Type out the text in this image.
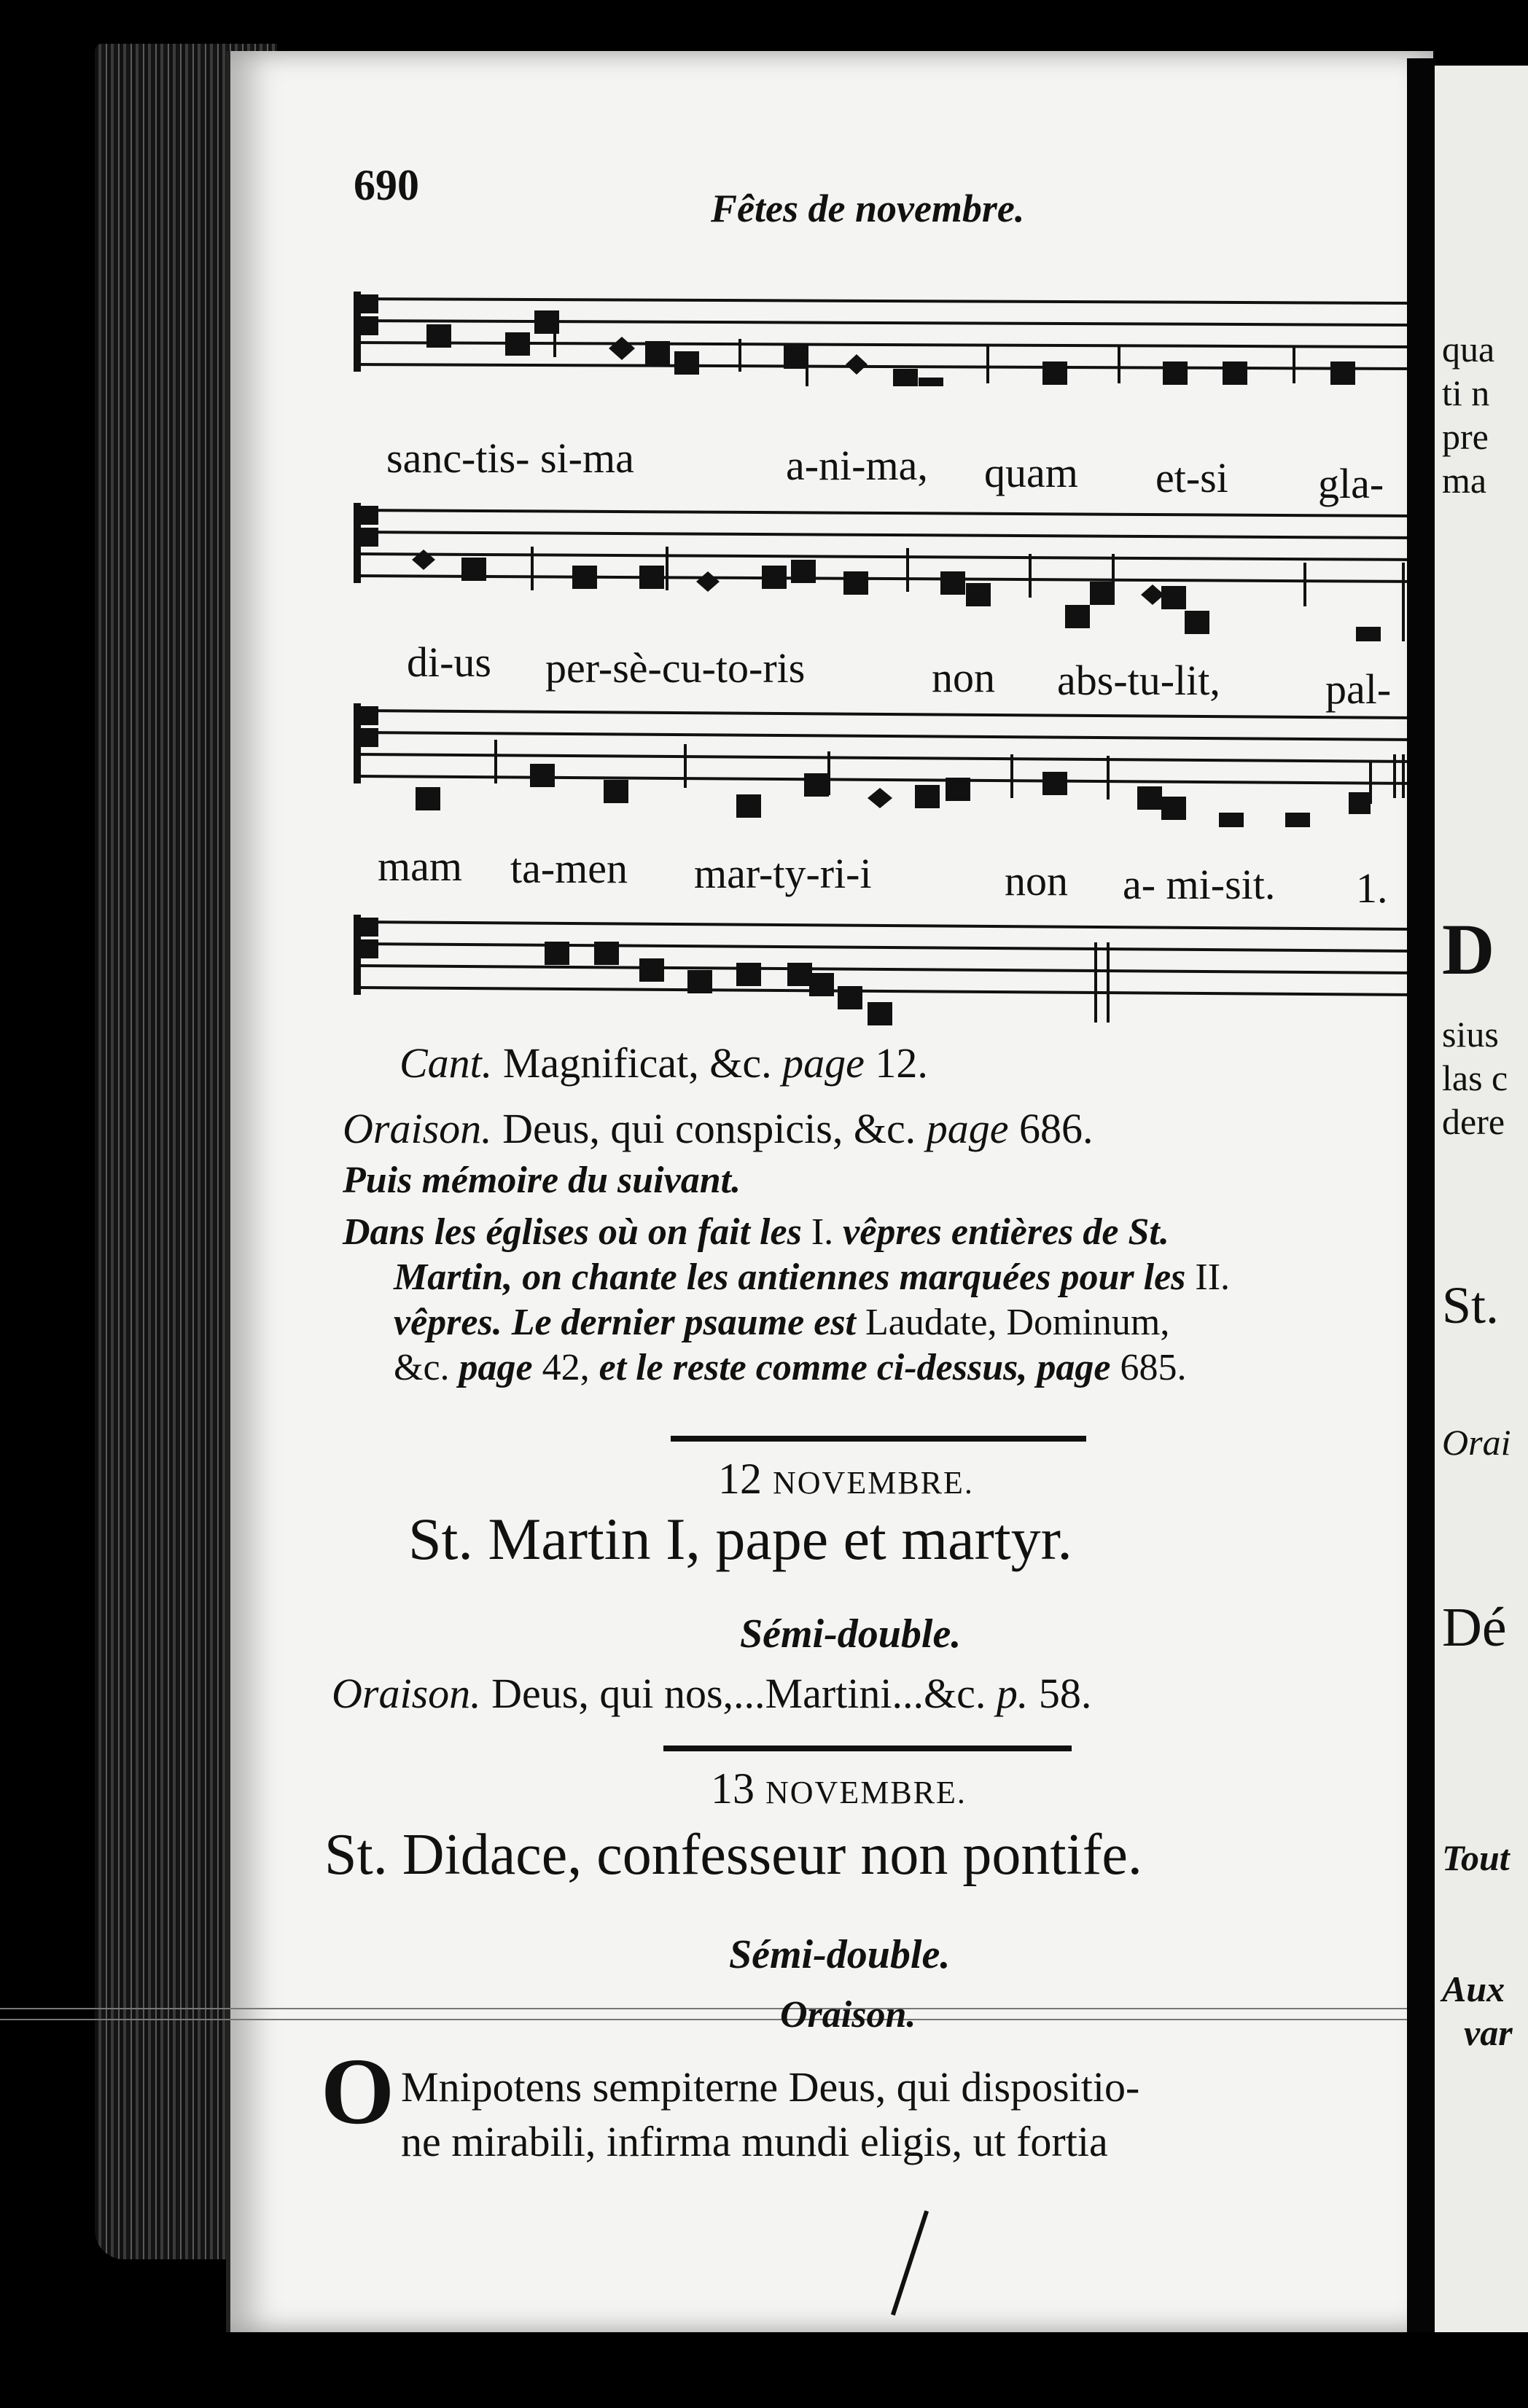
690	Fêtes de novembre.
sanc-tis- si-ma	a-ni-ma, quam et-si gla-
di-us per-sè-cu-to-ris	non abs-tu-lit, pal-
mam ta-men mar-ty-ri-i	non a- mi-sit. 1.
Cant. Magnificat, &c. page 12.
Oraison. Deus, qui conspicis, &c. page 686.
Puis mémoire du suivant.
Dans les églises où on fait les I. vêpres entières de St.
Martin, on chante les antiennes marquées pour les II.
vêpres. Le dernier psaume est Laudate, Dominum,
&c. page 42, et le reste comme ci-dessus, page 685.
12 NOVEMBRE.
St. Martin I, pape et martyr.
Sémi-double.
Oraison. Deus, qui nos,...Martini...&c. p. 58.
13 NOVEMBRE.
St. Didace, confesseur non pontife.
Sémi-double.
Oraison.
O Mnipotens sempiterne Deus, qui dispositio-
ne mirabili, infirma mundi eligis, ut fortia
qua
ti n
pre
ma
D
sius
las c
dere
St.
Orai
Dé
Tout
Aux
var
